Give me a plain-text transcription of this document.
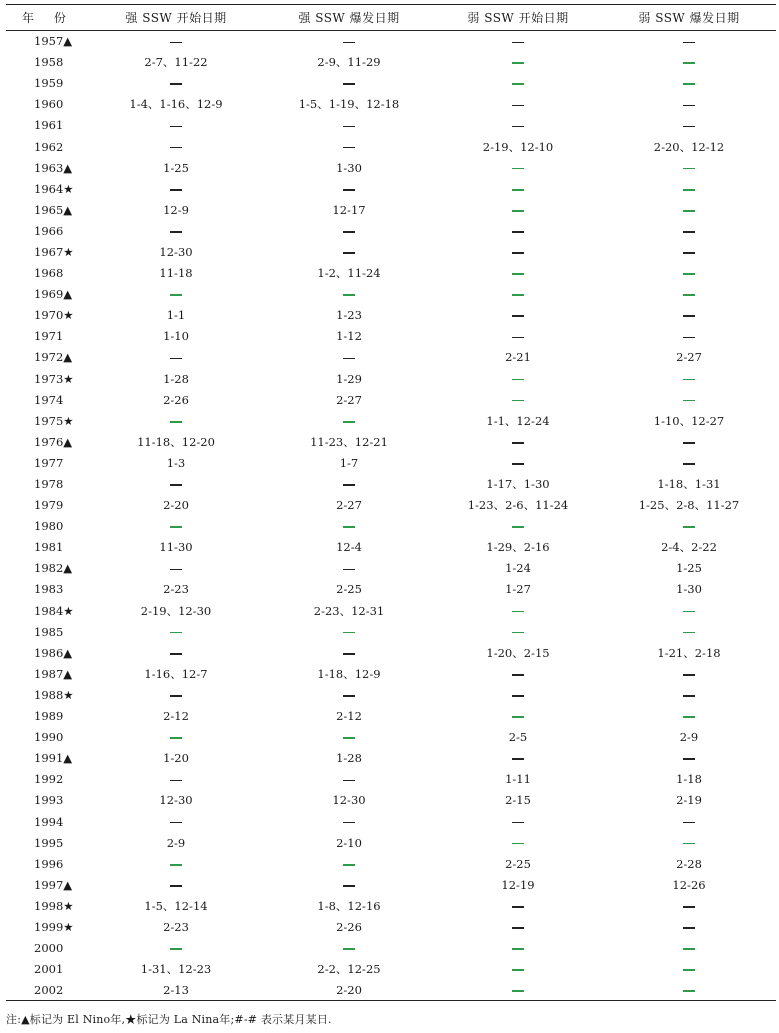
年 份	强 SSW 开始日期	强 SSW 爆发日期	弱 SSW 开始日期	弱 SSW 爆发日期
1957▲				
1958	2-7、11-22	2-9、11-29		
1959				
1960	1-4、1-16、12-9	1-5、1-19、12-18		
1961				
1962			2-19、12-10	2-20、12-12
1963▲	1-25	1-30		
1964★				
1965▲	12-9	12-17		
1966				
1967★	12-30			
1968	11-18	1-2、11-24		
1969▲				
1970★	1-1	1-23		
1971	1-10	1-12		
1972▲			2-21	2-27
1973★	1-28	1-29		
1974	2-26	2-27		
1975★			1-1、12-24	1-10、12-27
1976▲	11-18、12-20	11-23、12-21		
1977	1-3	1-7		
1978			1-17、1-30	1-18、1-31
1979	2-20	2-27	1-23、2-6、11-24	1-25、2-8、11-27
1980				
1981	11-30	12-4	1-29、2-16	2-4、2-22
1982▲			1-24	1-25
1983	2-23	2-25	1-27	1-30
1984★	2-19、12-30	2-23、12-31		
1985				
1986▲			1-20、2-15	1-21、2-18
1987▲	1-16、12-7	1-18、12-9		
1988★				
1989	2-12	2-12		
1990			2-5	2-9
1991▲	1-20	1-28		
1992			1-11	1-18
1993	12-30	12-30	2-15	2-19
1994				
1995	2-9	2-10		
1996			2-25	2-28
1997▲			12-19	12-26
1998★	1-5、12-14	1-8、12-16		
1999★	2-23	2-26		
2000				
2001	1-31、12-23	2-2、12-25		
2002	2-13	2-20		
注:▲标记为 El Nino年,★标记为 La Nina年;#-# 表示某月某日.
